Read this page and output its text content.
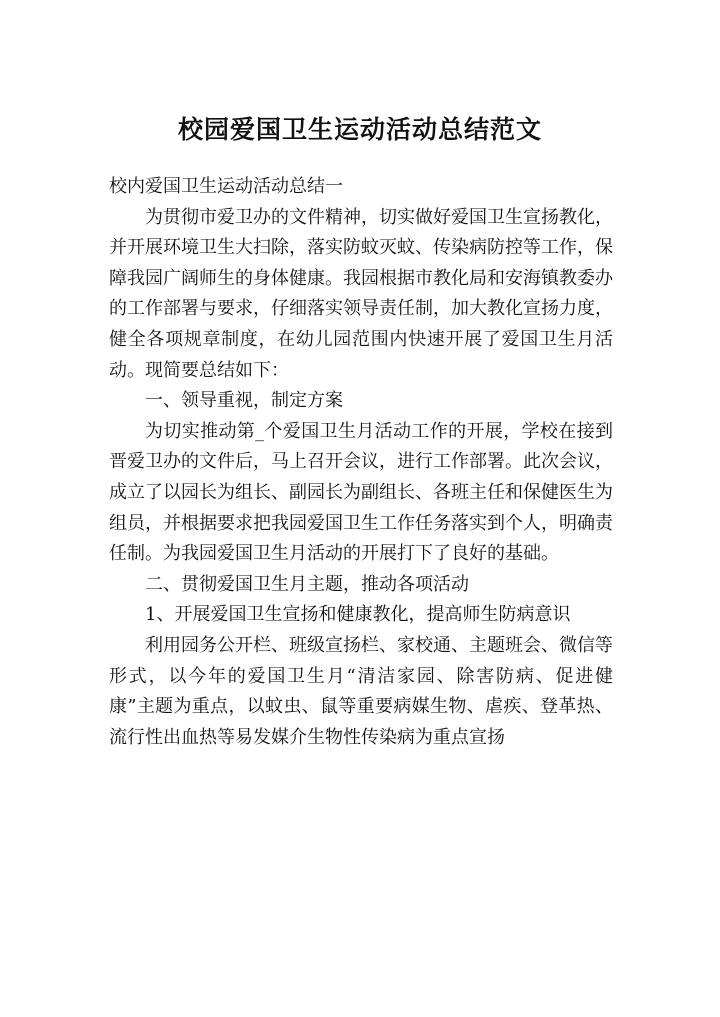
校园爱国卫生运动活动总结范文

校内爱国卫生运动活动总结一

为贯彻市爱卫办的文件精神，切实做好爱国卫生宣扬教化，并开展环境卫生大扫除，落实防蚊灭蚊、传染病防控等工作，保障我园广阔师生的身体健康。我园根据市教化局和安海镇教委办的工作部署与要求，仔细落实领导责任制，加大教化宣扬力度，健全各项规章制度，在幼儿园范围内快速开展了爱国卫生月活动。现简要总结如下：

一、领导重视，制定方案

为切实推动第_个爱国卫生月活动工作的开展，学校在接到晋爱卫办的文件后，马上召开会议，进行工作部署。此次会议，成立了以园长为组长、副园长为副组长、各班主任和保健医生为组员，并根据要求把我园爱国卫生工作任务落实到个人，明确责任制。为我园爱国卫生月活动的开展打下了良好的基础。

二、贯彻爱国卫生月主题，推动各项活动

1、开展爱国卫生宣扬和健康教化，提高师生防病意识

利用园务公开栏、班级宣扬栏、家校通、主题班会、微信等形式，以今年的爱国卫生月“清洁家园、除害防病、促进健康”主题为重点，以蚊虫、鼠等重要病媒生物、虐疾、登革热、流行性出血热等易发媒介生物性传染病为重点宣扬
